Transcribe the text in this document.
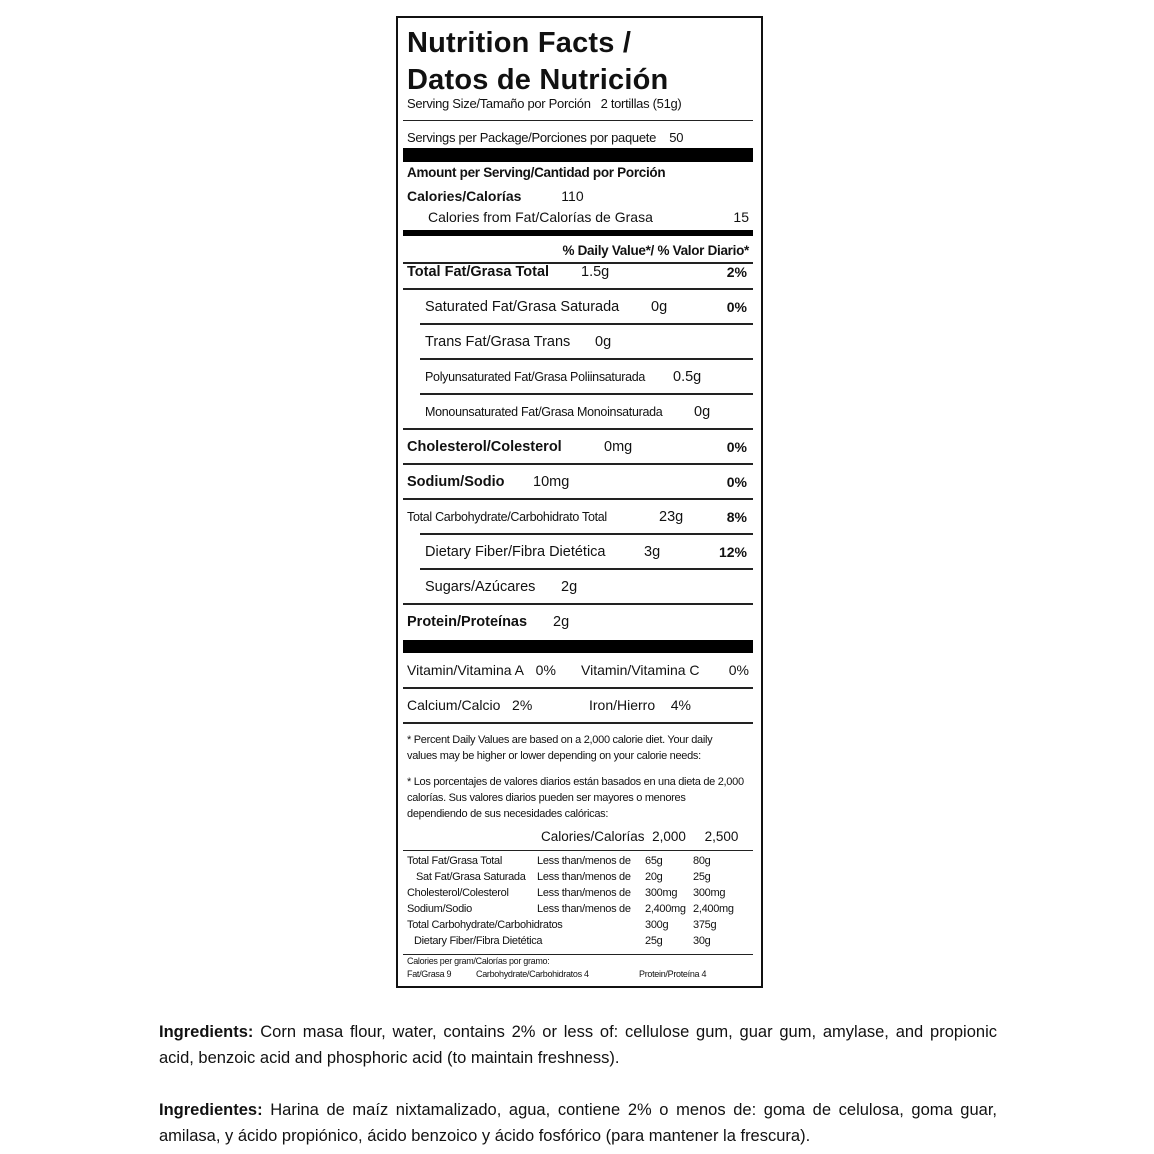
Nutrition Facts /
Datos de Nutrición
Serving Size/Tamaño por Porción 2 tortillas (51g)
Servings per Package/Porciones por paquete 50
Amount per Serving/Cantidad por Porción
Calories/Calorías	110
Calories from Fat/Calorías de Grasa	15
% Daily Value*/ % Valor Diario*
Total Fat/Grasa Total 1.5g	2%
Saturated Fat/Grasa Saturada 0g	0%
Trans Fat/Grasa Trans 0g
Polyunsaturated Fat/Grasa Poliinsaturada 0.5g
Monounsaturated Fat/Grasa Monoinsaturada 0g
Cholesterol/Colesterol	0mg	0%
Sodium/Sodio 10mg	0%
Total Carbohydrate/Carbohidrato Total	23g	8%
Dietary Fiber/Fibra Dietética	3g	12%
Sugars/Azúcares 2g
Protein/Proteínas 2g
Vitamin/Vitamina A 0% Vitamin/Vitamina C 0%
Calcium/Calcio 2%	Iron/Hierro 4%
* Percent Daily Values are based on a 2,000 calorie diet. Your daily values may be higher or lower depending on your calorie needs:
* Los porcentajes de valores diarios están basados en una dieta de 2,000 calorías. Sus valores diarios pueden ser mayores o menores dependiendo de sus necesidades calóricas:
Calories/Calorías 2,000 2,500
Total Fat/Grasa Total	Less than/menos de	65g	80g
Sat Fat/Grasa Saturada	Less than/menos de	20g	25g
Cholesterol/Colesterol	Less than/menos de	300mg	300mg
Sodium/Sodio	Less than/menos de	2,400mg	2,400mg
Total Carbohydrate/Carbohidratos		300g	375g
Dietary Fiber/Fibra Dietética		25g	30g
Calories per gram/Calorías por gramo:
Fat/Grasa 9	Carbohydrate/Carbohidratos 4	Protein/Proteína 4

Ingredients: Corn masa flour, water, contains 2% or less of: cellulose gum, guar gum, amylase, and propionic acid, benzoic acid and phosphoric acid (to maintain freshness).

Ingredientes: Harina de maíz nixtamalizado, agua, contiene 2% o menos de: goma de celulosa, goma guar, amilasa, y ácido propiónico, ácido benzoico y ácido fosfórico (para mantener la frescura).
